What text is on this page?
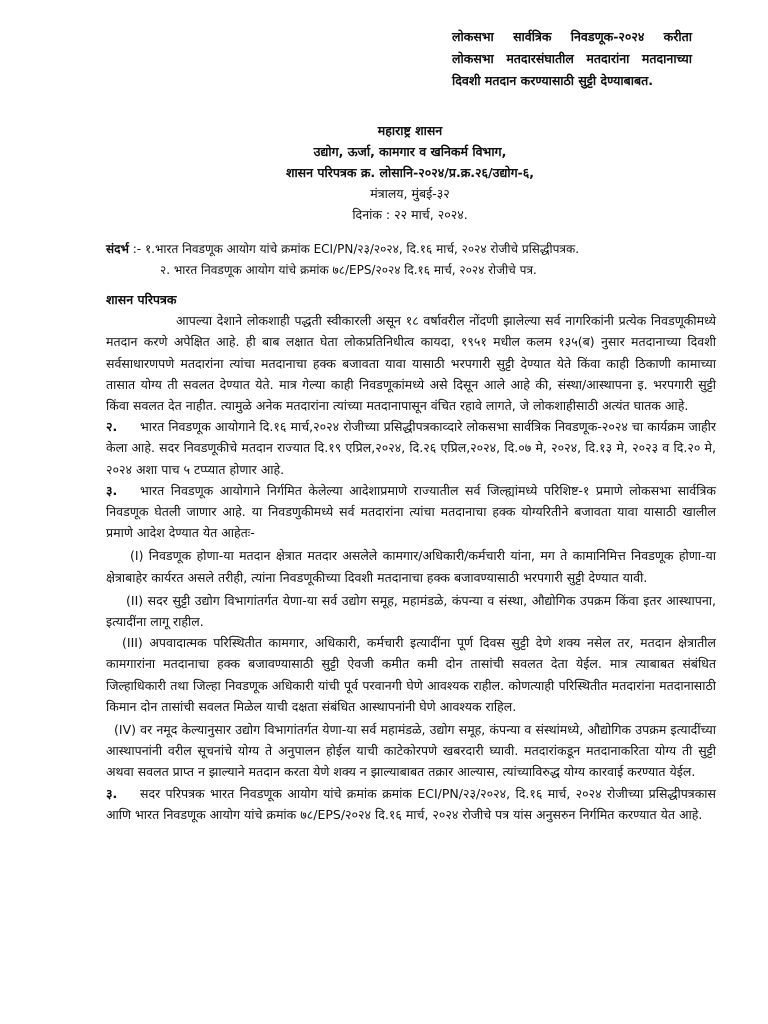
लोकसभा सार्वत्रिक निवडणूक-२०२४ करीता लोकसभा मतदारसंघातील मतदारांना मतदानाच्या दिवशी मतदान करण्यासाठी सुट्टी देण्याबाबत.
महाराष्ट्र शासन
उद्योग, ऊर्जा, कामगार व खनिकर्म विभाग,
शासन परिपत्रक क्र. लोसानि-२०२४/प्र.क्र.२६/उद्योग-६,
मंत्रालय, मुंबई-३२
दिनांक : २२ मार्च, २०२४.
संदर्भ :- १.भारत निवडणूक आयोग यांचे क्रमांक ECI/PN/२३/२०२४, दि.१६ मार्च, २०२४ रोजीचे प्रसिद्धीपत्रक.
२. भारत निवडणूक आयोग यांचे क्रमांक ७८/EPS/२०२४ दि.१६ मार्च, २०२४ रोजीचे पत्र.

शासन परिपत्रक

आपल्या देशाने लोकशाही पद्धती स्वीकारली असून १८ वर्षावरील नोंदणी झालेल्या सर्व नागरिकांनी प्रत्येक निवडणूकीमध्ये मतदान करणे अपेक्षित आहे. ही बाब लक्षात घेता लोकप्रतिनिधीत्व कायदा, १९५१ मधील कलम १३५(ब) नुसार मतदानाच्या दिवशी सर्वसाधारणपणे मतदारांना त्यांचा मतदानाचा हक्क बजावता यावा यासाठी भरपगारी सुट्टी देण्यात येते किंवा काही ठिकाणी कामाच्या तासात योग्य ती सवलत देण्यात येते. मात्र गेल्या काही निवडणूकांमध्ये असे दिसून आले आहे की, संस्था/आस्थापना इ. भरपगारी सुट्टी किंवा सवलत देत नाहीत. त्यामुळे अनेक मतदारांना त्यांच्या मतदानापासून वंचित रहावे लागते, जे लोकशाहीसाठी अत्यंत घातक आहे.

२. भारत निवडणूक आयोगाने दि.१६ मार्च,२०२४ रोजीच्या प्रसिद्धीपत्रकाव्दारे लोकसभा सार्वत्रिक निवडणूक-२०२४ चा कार्यक्रम जाहीर केला आहे. सदर निवडणूकीचे मतदान राज्यात दि.१९ एप्रिल,२०२४, दि.२६ एप्रिल,२०२४, दि.०७ मे, २०२४, दि.१३ मे, २०२३ व दि.२० मे, २०२४ अशा पाच ५ टप्प्यात होणार आहे.

३. भारत निवडणूक आयोगाने निर्गमित केलेल्या आदेशाप्रमाणे राज्यातील सर्व जिल्ह्यांमध्ये परिशिष्ट-१ प्रमाणे लोकसभा सार्वत्रिक निवडणूक घेतली जाणार आहे. या निवडणुकीमध्ये सर्व मतदारांना त्यांचा मतदानाचा हक्क योग्यरितीने बजावता यावा यासाठी खालील प्रमाणे आदेश देण्यात येत आहेतः-

(I) निवडणूक होणा-या मतदान क्षेत्रात मतदार असलेले कामगार/अधिकारी/कर्मचारी यांना, मग ते कामानिमित्त निवडणूक होणा-या क्षेत्राबाहेर कार्यरत असले तरीही, त्यांना निवडणूकीच्या दिवशी मतदानाचा हक्क बजावण्यासाठी भरपगारी सुट्टी देण्यात यावी.

(II) सदर सुट्टी उद्योग विभागांतर्गत येणा-या सर्व उद्योग समूह, महामंडळे, कंपन्या व संस्था, औद्योगिक उपक्रम किंवा इतर आस्थापना, इत्यादींना लागू राहील.

(III) अपवादात्मक परिस्थितीत कामगार, अधिकारी, कर्मचारी इत्यादींना पूर्ण दिवस सुट्टी देणे शक्य नसेल तर, मतदान क्षेत्रातील कामगारांना मतदानाचा हक्क बजावण्यासाठी सुट्टी ऐवजी कमीत कमी दोन तासांची सवलत देता येईल. मात्र त्याबाबत संबंधित जिल्हाधिकारी तथा जिल्हा निवडणूक अधिकारी यांची पूर्व परवानगी घेणे आवश्यक राहील. कोणत्याही परिस्थितीत मतदारांना मतदानासाठी किमान दोन तासांची सवलत मिळेल याची दक्षता संबंधित आस्थापनांनी घेणे आवश्यक राहिल.

(IV) वर नमूद केल्यानुसार उद्योग विभागांतर्गत येणा-या सर्व महामंडळे, उद्योग समूह, कंपन्या व संस्थांमध्ये, औद्योगिक उपक्रम इत्यादींच्या आस्थापनांनी वरील सूचनांचे योग्य ते अनुपालन होईल याची काटेकोरपणे खबरदारी घ्यावी. मतदारांकडून मतदानाकरिता योग्य ती सुट्टी अथवा सवलत प्राप्त न झाल्याने मतदान करता येणे शक्य न झाल्याबाबत तक्रार आल्यास, त्यांच्याविरुद्ध योग्य कारवाई करण्यात येईल.

३. सदर परिपत्रक भारत निवडणूक आयोग यांचे क्रमांक क्रमांक ECI/PN/२३/२०२४, दि.१६ मार्च, २०२४ रोजीच्या प्रसिद्धीपत्रकास आणि भारत निवडणूक आयोग यांचे क्रमांक ७८/EPS/२०२४ दि.१६ मार्च, २०२४ रोजीचे पत्र यांस अनुसरुन निर्गमित करण्यात येत आहे.
